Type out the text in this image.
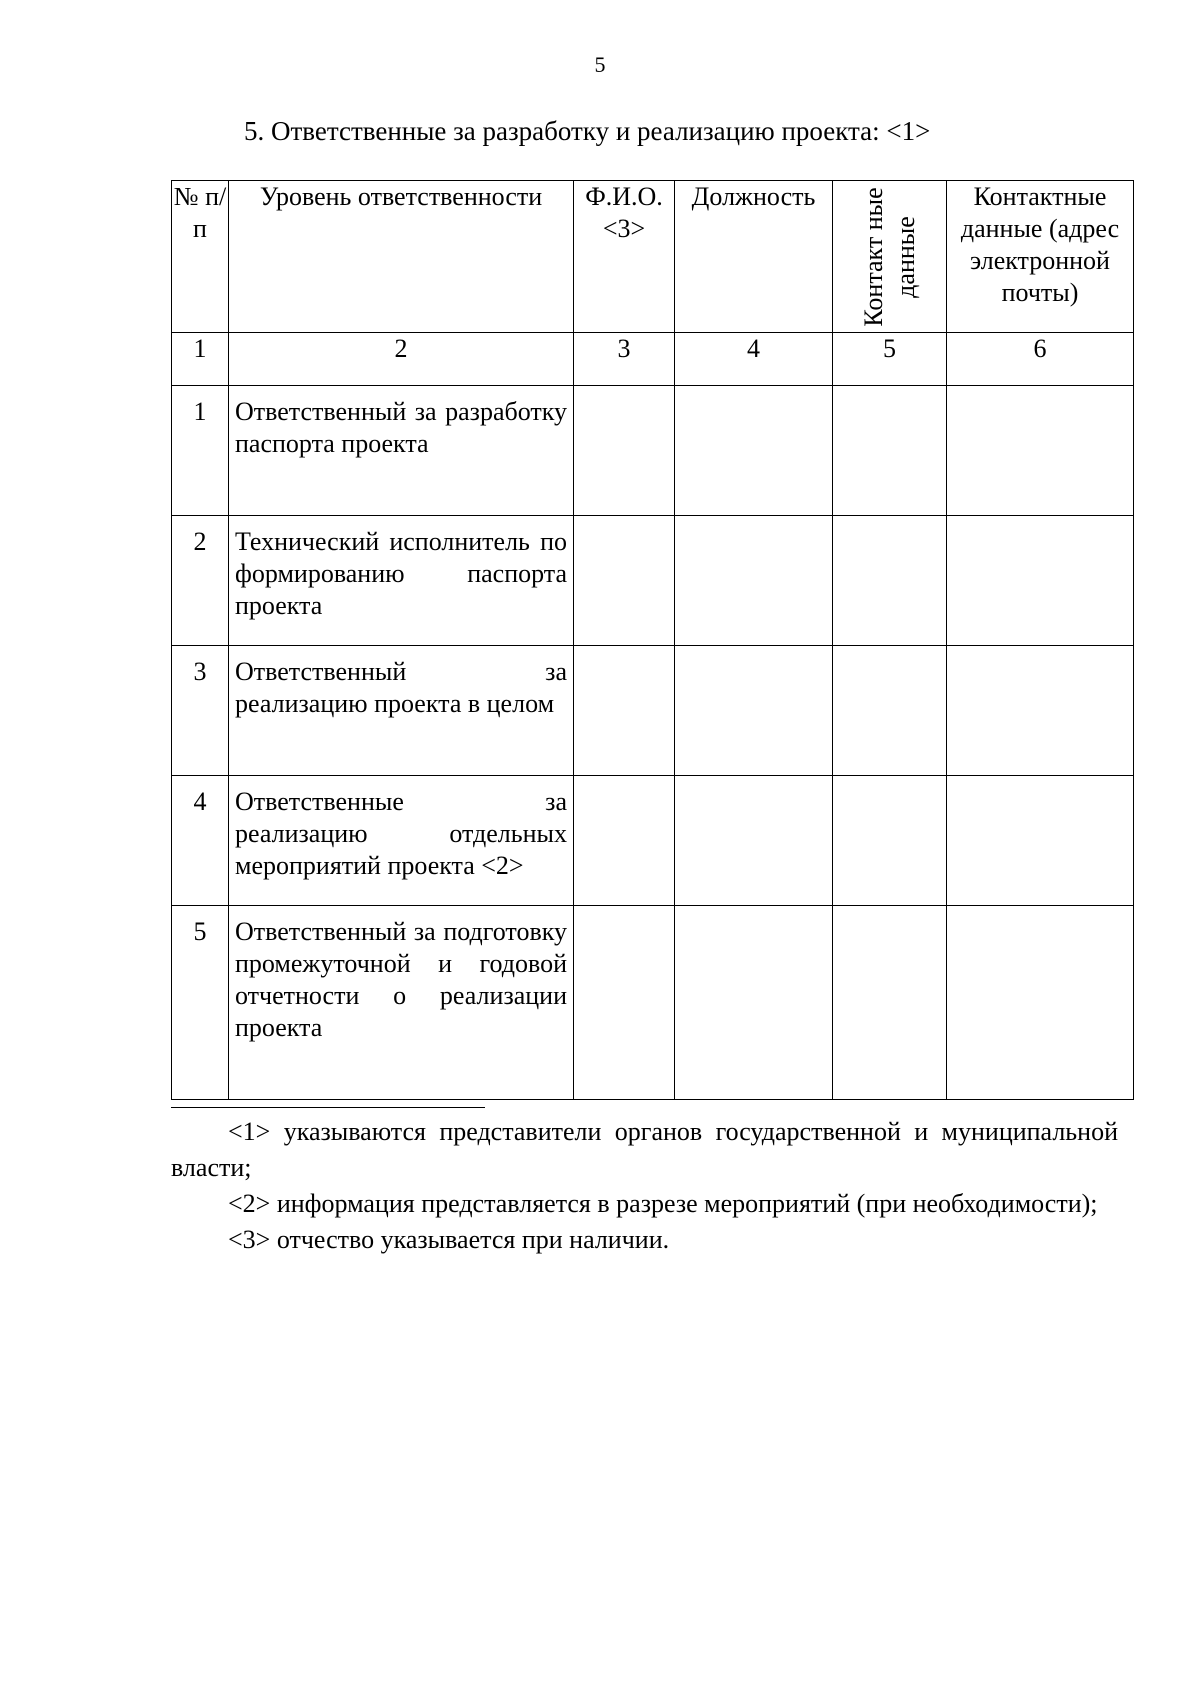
5
5. Ответственные за разработку и реализацию проекта: <1>
№ п/п	Уровень ответственности	Ф.И.О. <3>	Должность	Контакт ные данные	Контактные данные (адрес электронной почты)
1	2	3	4	5	6
1	Ответственный за разработку паспорта проекта				
2	Технический исполнитель по формированию паспорта проекта				
3	Ответственный за реализацию проекта в целом				
4	Ответственные за реализацию отдельных мероприятий проекта <2>				
5	Ответственный за подготовку промежуточной и годовой отчетности о реализации проекта				

<1> указываются представители органов государственной и муниципальной власти;

<2> информация представляется в разрезе мероприятий (при необходимости);

<3> отчество указывается при наличии.
